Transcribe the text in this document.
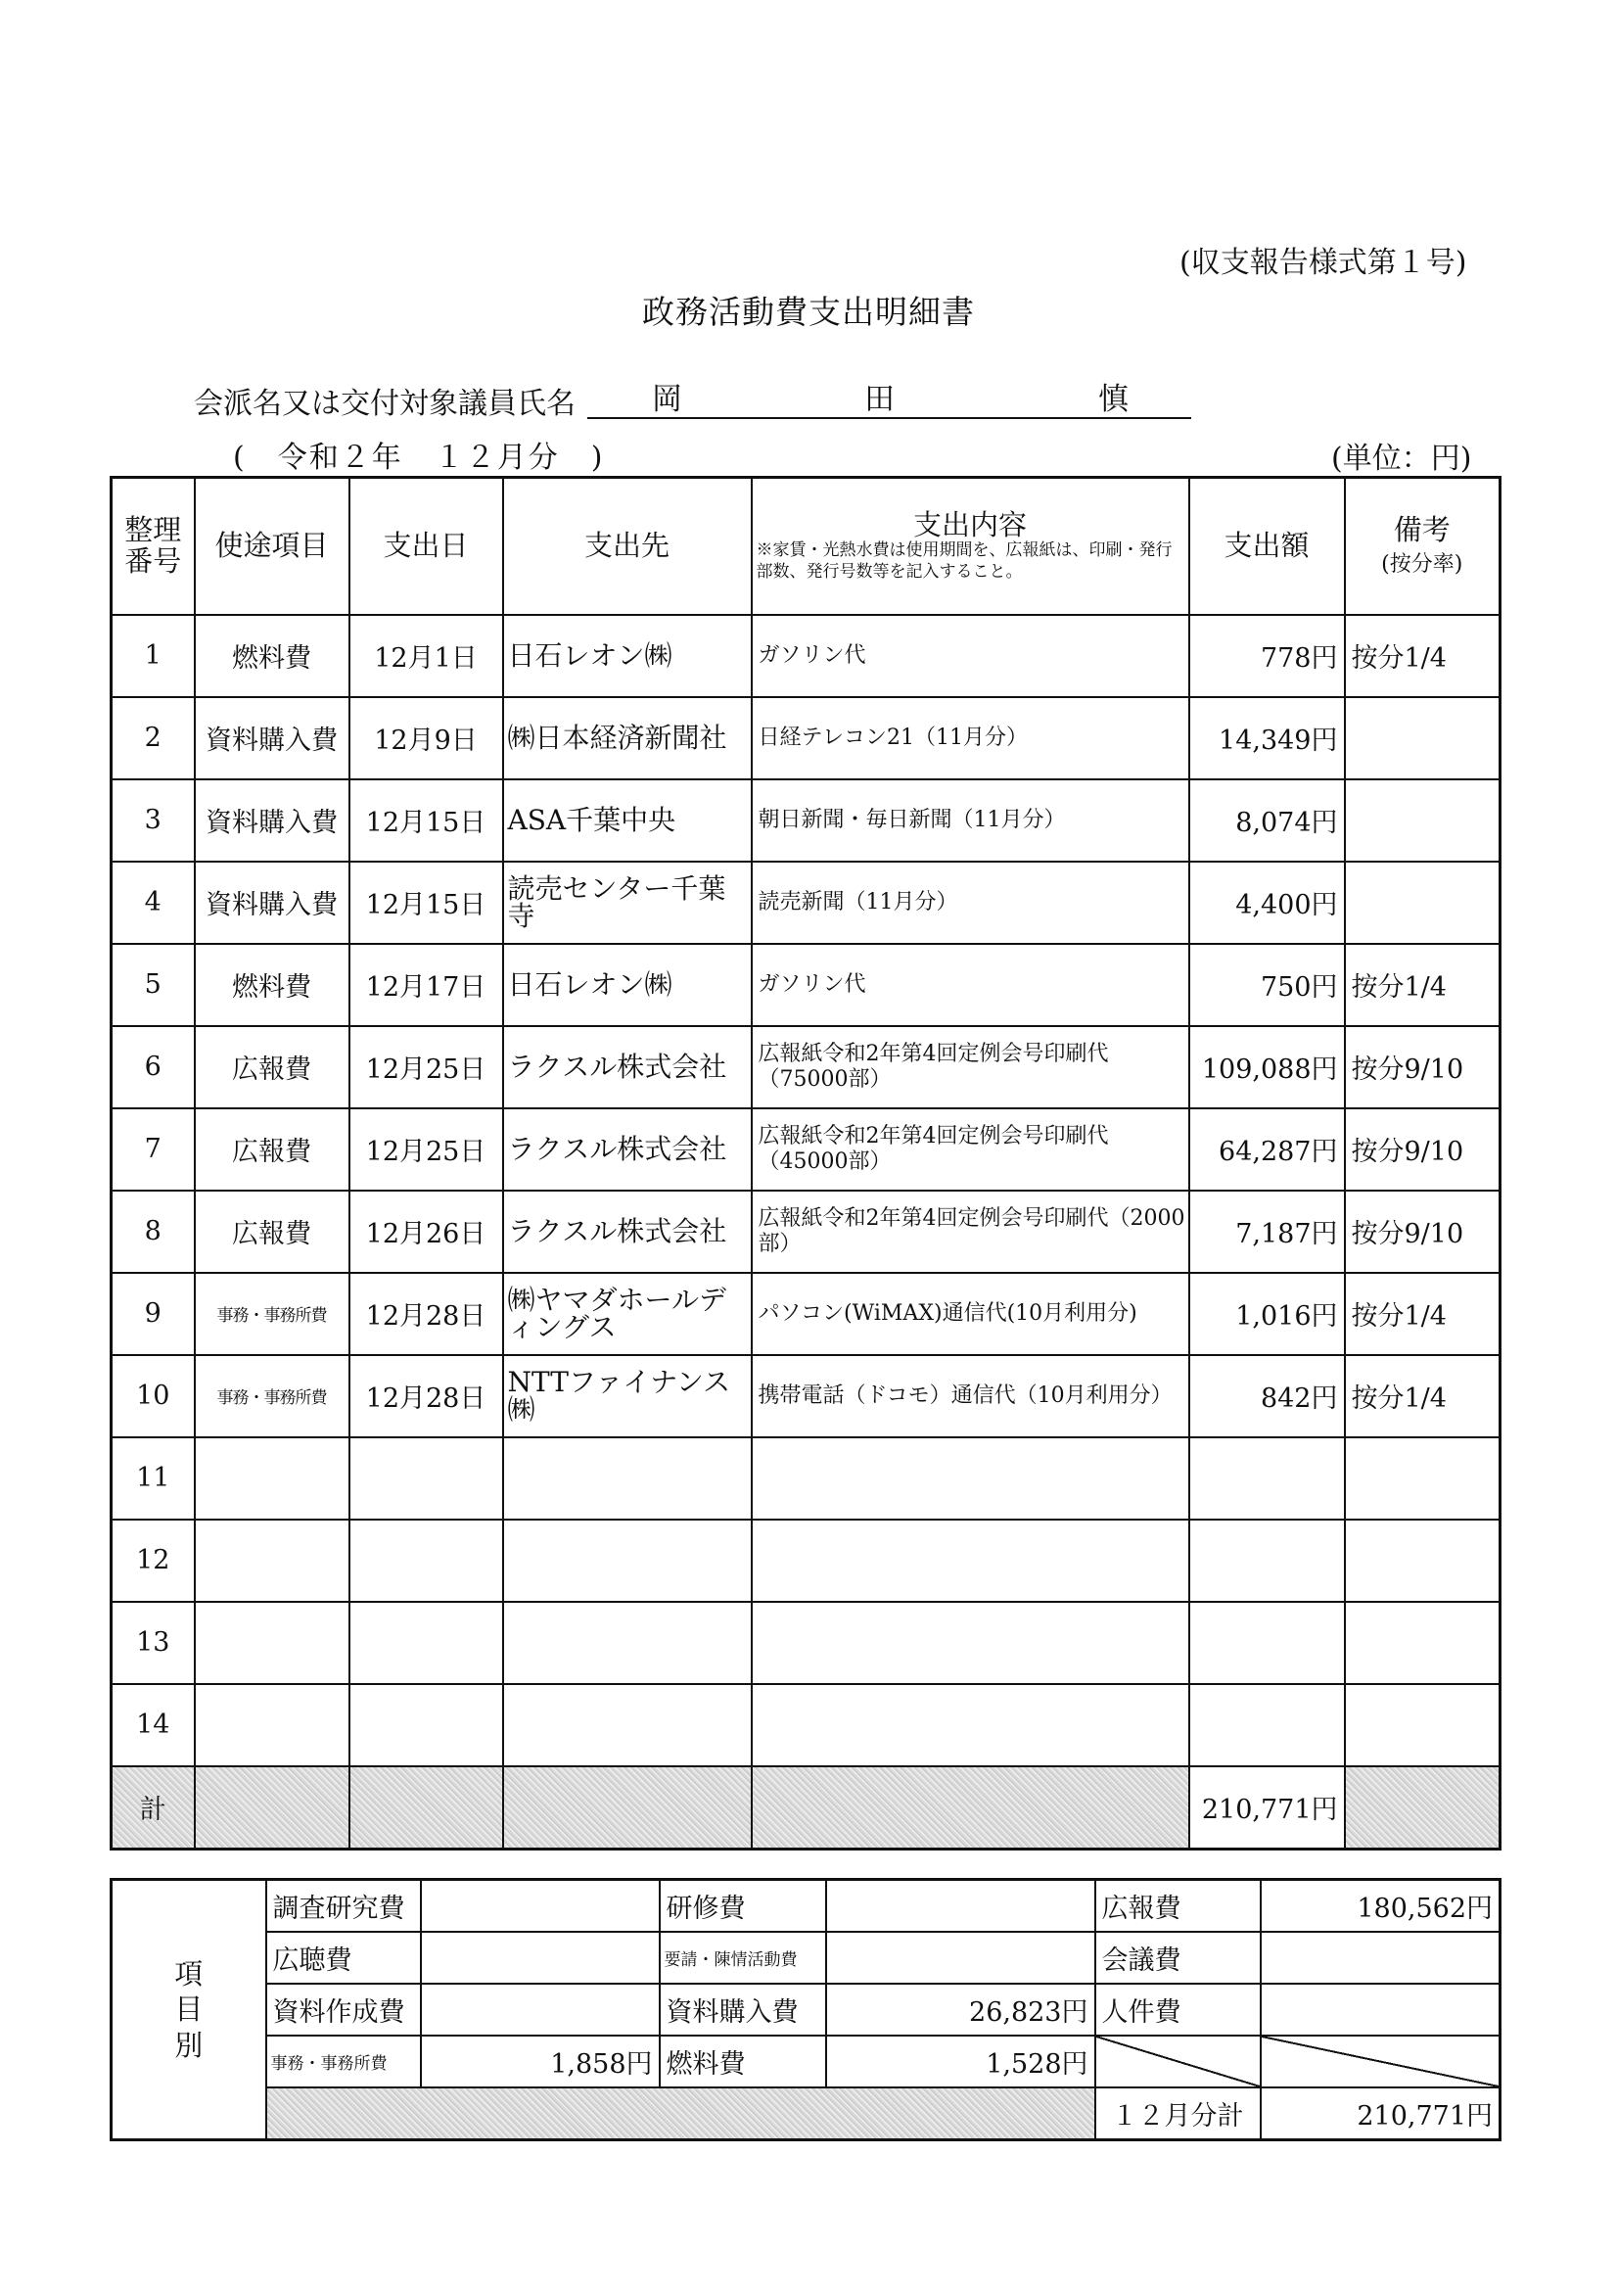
(収支報告様式第１号)
政務活動費支出明細書
会派名又は交付対象議員氏名	岡	田	慎
(　令和２年　１２月分　)	(単位：円)
整理番号	使途項目	支出日	支出先	支出内容
※家賃・光熱水費は使用期間を、広報紙は、印刷・発行部数、発行号数等を記入すること。	支出額	備考
(按分率)
1	燃料費	12月1日	日石レオン㈱	ガソリン代	778円	按分1/4
2	資料購入費	12月9日	㈱日本経済新聞社	日経テレコン21（11月分）	14,349円	
3	資料購入費	12月15日	ASA千葉中央	朝日新聞・毎日新聞（11月分）	8,074円	
4	資料購入費	12月15日	読売センター千葉寺	読売新聞（11月分）	4,400円	
5	燃料費	12月17日	日石レオン㈱	ガソリン代	750円	按分1/4
6	広報費	12月25日	ラクスル株式会社	広報紙令和2年第4回定例会号印刷代（75000部）	109,088円	按分9/10
7	広報費	12月25日	ラクスル株式会社	広報紙令和2年第4回定例会号印刷代（45000部）	64,287円	按分9/10
8	広報費	12月26日	ラクスル株式会社	広報紙令和2年第4回定例会号印刷代（2000部）	7,187円	按分9/10
9	事務・事務所費	12月28日	㈱ヤマダホールディングス	パソコン(WiMAX)通信代(10月利用分)	1,016円	按分1/4
10	事務・事務所費	12月28日	NTTファイナンス㈱	携帯電話（ドコモ）通信代（10月利用分）	842円	按分1/4
11						
12						
13						
14						
計					210,771円	
項目別	調査研究費		研修費		広報費	180,562円
	広聴費		要請・陳情活動費		会議費	
	資料作成費		資料購入費	26,823円	人件費	
	事務・事務所費	1,858円	燃料費	1,528円		
					１２月分計	210,771円
